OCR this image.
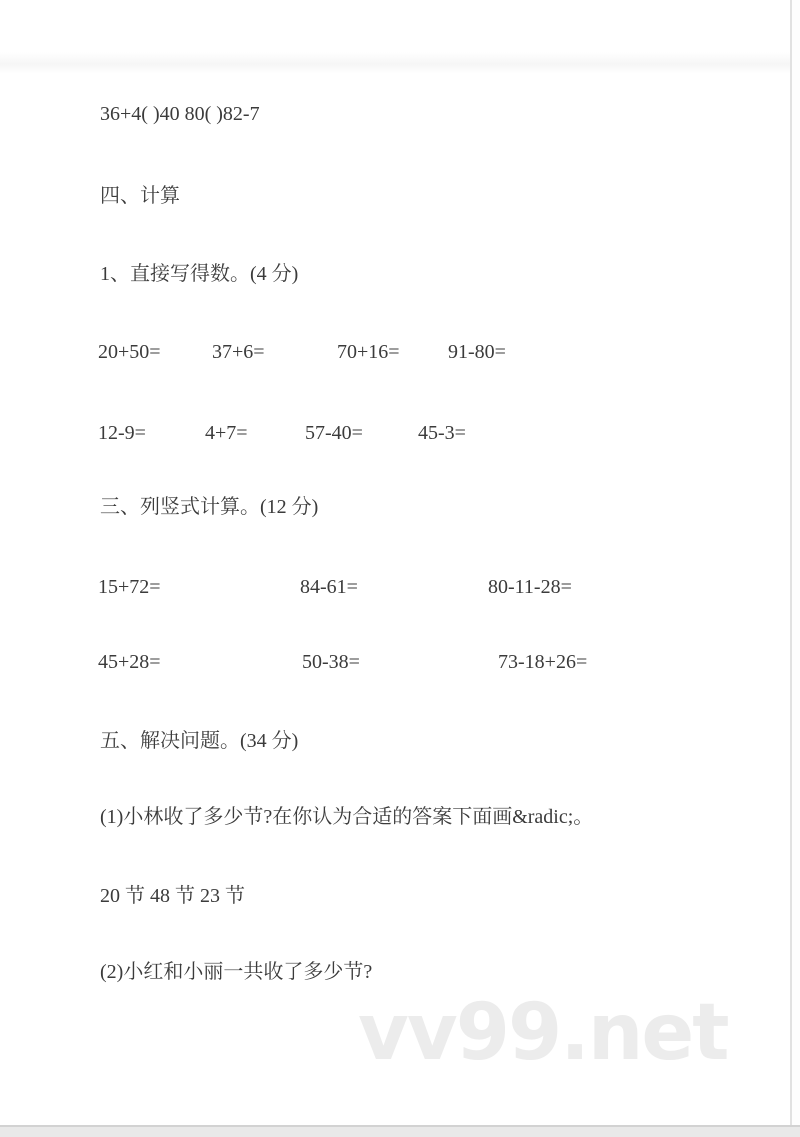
36+4( )40 80( )82-7
四、计算
1、直接写得数。(4 分)
20+50=	37+6=	70+16= 91-80=
12-9=	4+7=	57-40=	45-3=
三、列竖式计算。(12 分)
15+72=	84-61=	80-11-28=
45+28=	50-38=	73-18+26=
五、解决问题。(34 分)
(1)小林收了多少节?在你认为合适的答案下面画&radic;。
20 节 48 节 23 节
(2)小红和小丽一共收了多少节?
vv99.net
